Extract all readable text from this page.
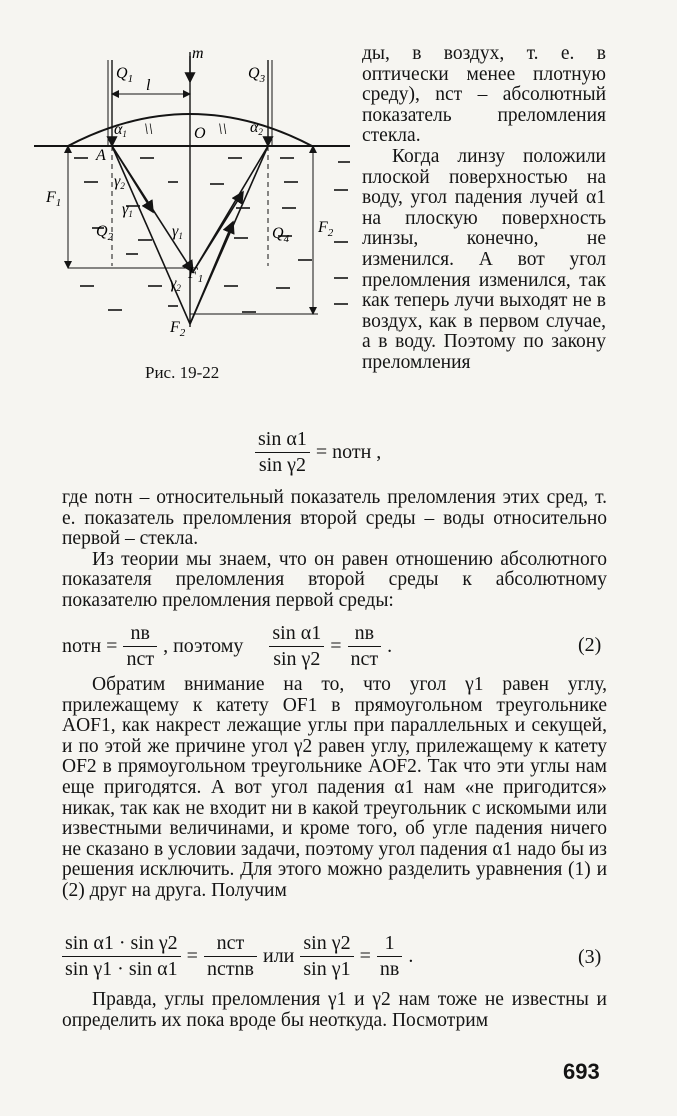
m
$Q_1$	$Q_3$
l
α1	α2
\\	\\
O
A
γ2
γ1
$F_1$
$F_2$
$Q_2$	$Q_4$
γ1
γ2
$F_1$
$F_2$
Рис. 19-22

ды, в воздух, т. е. в оптически менее плотную среду), nст – абсолютный показатель преломления стекла.

Когда линзу положили плоской поверхностью на воду, угол падения лучей α1 на плоскую поверхность линзы, конечно, не изменился. А вот угол преломления изменился, так как теперь лучи выходят не в воздух, как в первом случае, а в воду. Поэтому по закону преломления

$\frac{\text{sin α1}}{\text{sin γ2}}$ = nотн ,

где nотн – относительный показатель преломления этих сред, т. е. показатель преломления второй среды – воды относительно первой – стекла.

Из теории мы знаем, что он равен отношению абсолютного показателя преломления второй среды к абсолютному показателю преломления первой среды:

nотн = $\frac{nв}{\text{nст}}$ , поэтому $\frac{\text{sin α1}}{\text{sin γ2}} = \frac{nв}{\text{nст}}$ .	(2)

Обратим внимание на то, что угол γ1 равен углу, прилежащему к катету OF1 в прямоугольном треугольнике AOF1, как накрест лежащие углы при параллельных и секущей, и по этой же причине угол γ2 равен углу, прилежащему к катету OF2 в прямоугольном треугольнике AOF2. Так что эти углы нам еще пригодятся. А вот угол падения α1 нам «не пригодится» никак, так как не входит ни в какой треугольник с искомыми или известными величинами, и кроме того, об угле падения ничего не сказано в условии задачи, поэтому угол падения α1 надо бы из решения исключить. Для этого можно разделить уравнения (1) и (2) друг на друга. Получим

$\frac{\text{sin α1 · sin γ2}}{\text{sin γ1 · sin α1}} = \frac{\text{nст}}{\text{nстnв}}$ или $\frac{\text{sin γ2}}{\text{sin γ1}} = \frac{1}{nв}$ .	(3)

Правда, углы преломления γ1 и γ2 нам тоже не известны и определить их пока вроде бы неоткуда. Посмотрим

693
